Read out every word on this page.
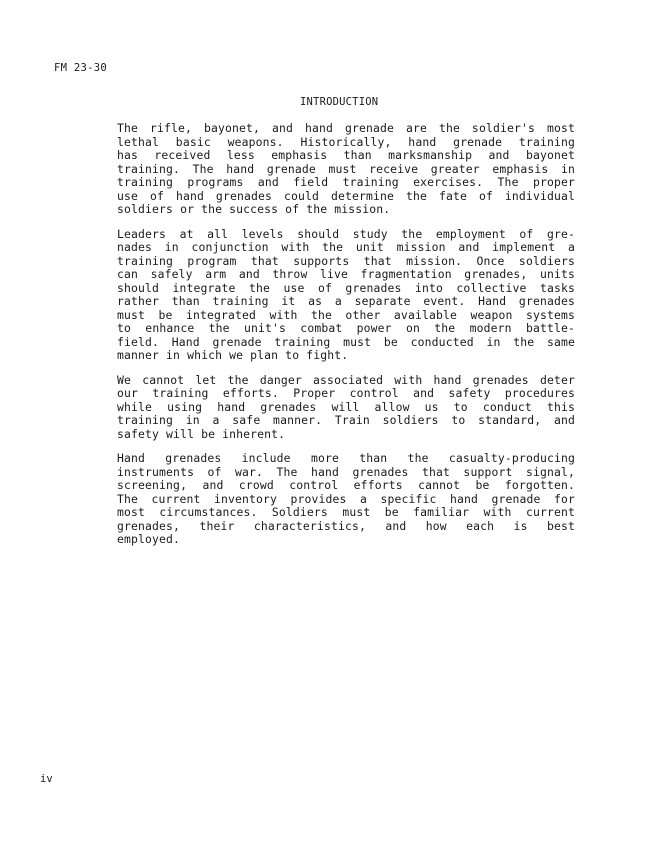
FM 23-30
INTRODUCTION

The rifle, bayonet, and hand grenade are the soldier's most
lethal basic weapons. Historically, hand grenade training
has received less emphasis than marksmanship and bayonet
training. The hand grenade must receive greater emphasis in
training programs and field training exercises. The proper
use of hand grenades could determine the fate of individual
soldiers or the success of the mission.

Leaders at all levels should study the employment of gre-
nades in conjunction with the unit mission and implement a
training program that supports that mission. Once soldiers
can safely arm and throw live fragmentation grenades, units
should integrate the use of grenades into collective tasks
rather than training it as a separate event. Hand grenades
must be integrated with the other available weapon systems
to enhance the unit's combat power on the modern battle-
field. Hand grenade training must be conducted in the same
manner in which we plan to fight.

We cannot let the danger associated with hand grenades deter
our training efforts. Proper control and safety procedures
while using hand grenades will allow us to conduct this
training in a safe manner. Train soldiers to standard, and
safety will be inherent.

Hand grenades include more than the casualty-producing
instruments of war. The hand grenades that support signal,
screening, and crowd control efforts cannot be forgotten.
The current inventory provides a specific hand grenade for
most circumstances. Soldiers must be familiar with current
grenades, their characteristics, and how each is best
employed.

iv
